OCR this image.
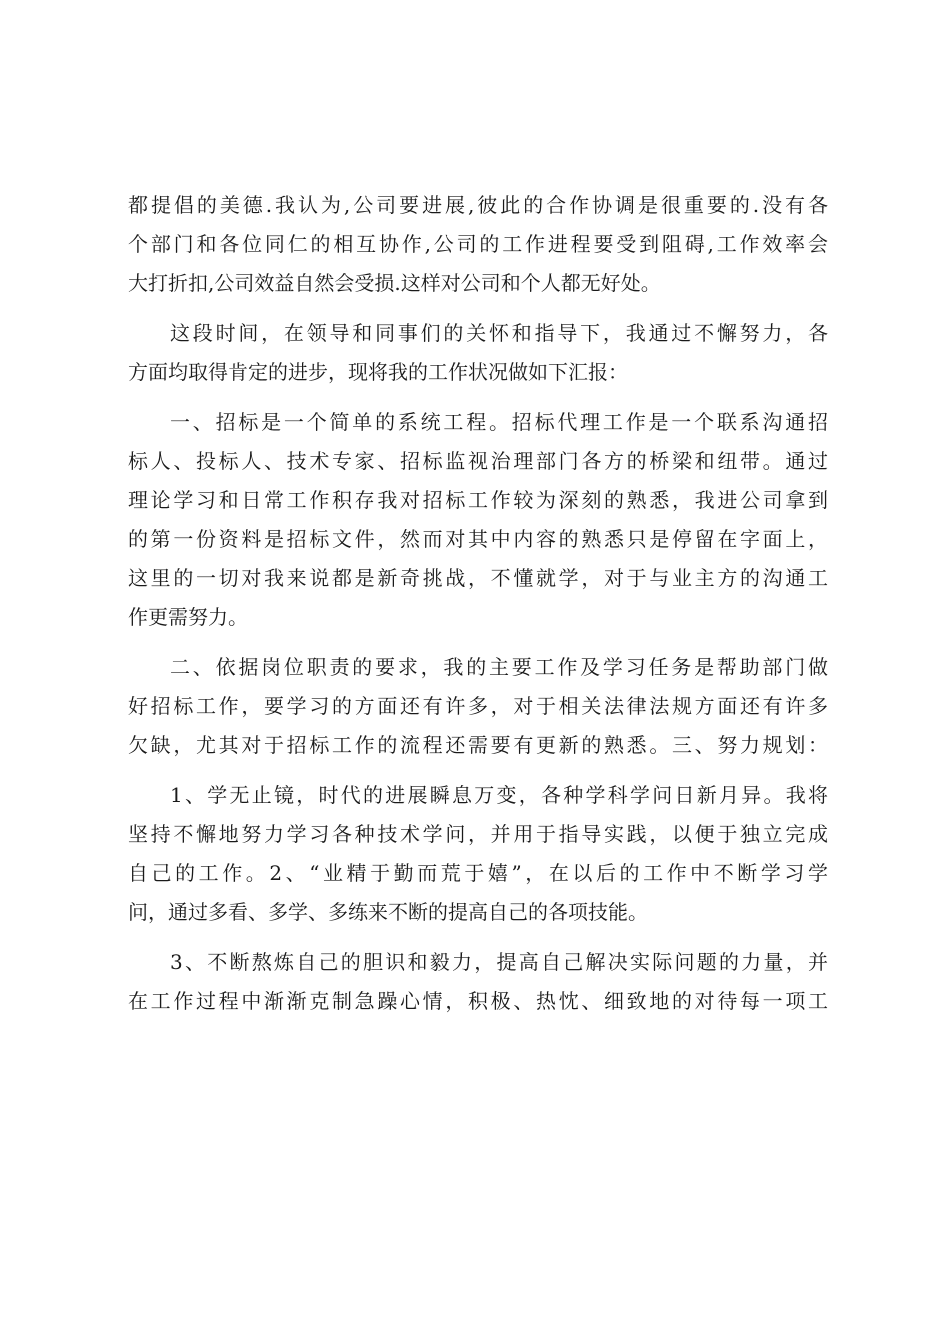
都提倡的美德.我认为,公司要进展,彼此的合作协调是很重要的.没有各

个部门和各位同仁的相互协作,公司的工作进程要受到阻碍,工作效率会

大打折扣,公司效益自然会受损.这样对公司和个人都无好处。

这段时间，在领导和同事们的关怀和指导下，我通过不懈努力，各

方面均取得肯定的进步，现将我的工作状况做如下汇报：

一、招标是一个简单的系统工程。招标代理工作是一个联系沟通招

标人、投标人、技术专家、招标监视治理部门各方的桥梁和纽带。通过

理论学习和日常工作积存我对招标工作较为深刻的熟悉，我进公司拿到

的第一份资料是招标文件，然而对其中内容的熟悉只是停留在字面上，

这里的一切对我来说都是新奇挑战，不懂就学，对于与业主方的沟通工

作更需努力。

二、依据岗位职责的要求，我的主要工作及学习任务是帮助部门做

好招标工作，要学习的方面还有许多，对于相关法律法规方面还有许多

欠缺，尤其对于招标工作的流程还需要有更新的熟悉。三、努力规划：

1、学无止镜，时代的进展瞬息万变，各种学科学问日新月异。我将

坚持不懈地努力学习各种技术学问，并用于指导实践，以便于独立完成

自己的工作。2、“业精于勤而荒于嬉”，在以后的工作中不断学习学

问，通过多看、多学、多练来不断的提高自己的各项技能。

3、不断熬炼自己的胆识和毅力，提高自己解决实际问题的力量，并

在工作过程中渐渐克制急躁心情，积极、热忱、细致地的对待每一项工
